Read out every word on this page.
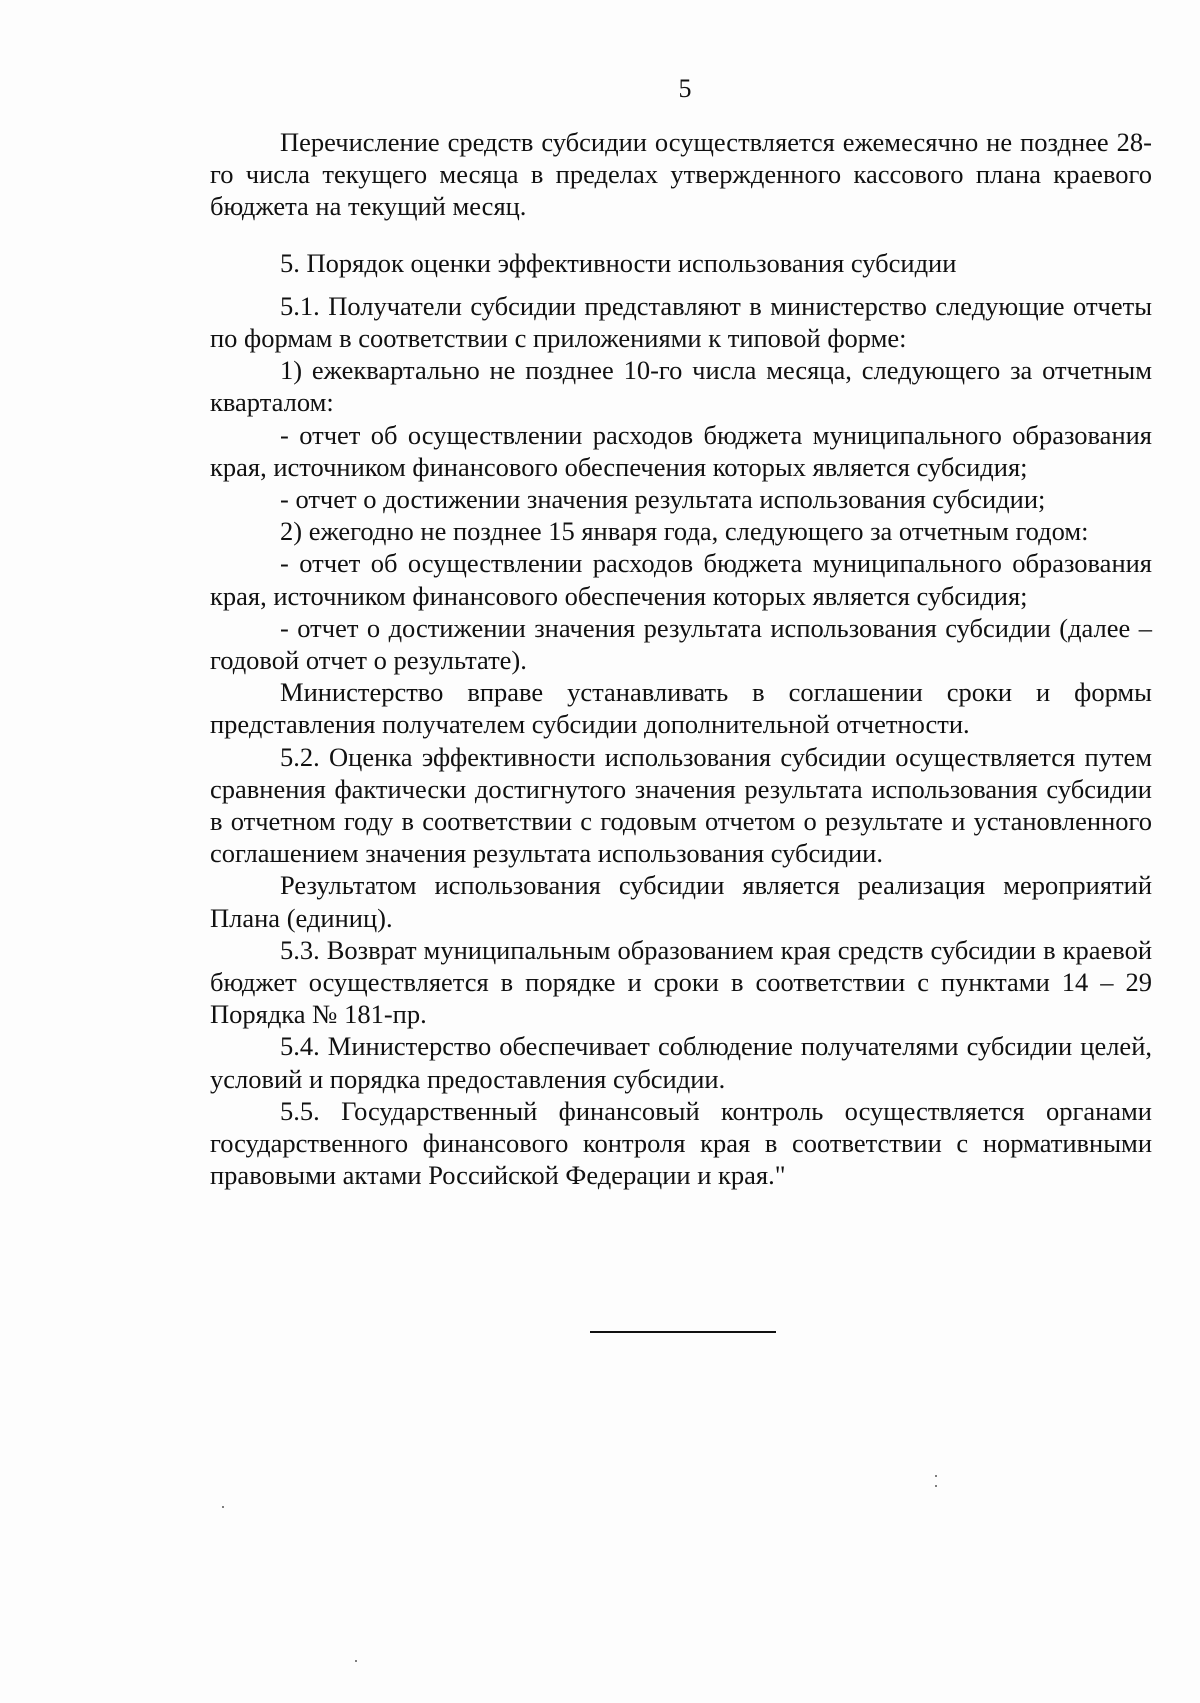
5

Перечисление средств субсидии осуществляется ежемесячно не позднее 28-го числа текущего месяца в пределах утвержденного кассового плана краевого бюджета на текущий месяц.

5. Порядок оценки эффективности использования субсидии

5.1. Получатели субсидии представляют в министерство следующие отчеты по формам в соответствии с приложениями к типовой форме:

1) ежеквартально не позднее 10-го числа месяца, следующего за отчетным кварталом:

- отчет об осуществлении расходов бюджета муниципального образования края, источником финансового обеспечения которых является субсидия;

- отчет о достижении значения результата использования субсидии;

2) ежегодно не позднее 15 января года, следующего за отчетным годом:

- отчет об осуществлении расходов бюджета муниципального образования края, источником финансового обеспечения которых является субсидия;

- отчет о достижении значения результата использования субсидии (далее – годовой отчет о результате).

Министерство вправе устанавливать в соглашении сроки и формы представления получателем субсидии дополнительной отчетности.

5.2. Оценка эффективности использования субсидии осуществляется путем сравнения фактически достигнутого значения результата использования субсидии в отчетном году в соответствии с годовым отчетом о результате и установленного соглашением значения результата использования субсидии.

Результатом использования субсидии является реализация мероприятий Плана (единиц).

5.3. Возврат муниципальным образованием края средств субсидии в краевой бюджет осуществляется в порядке и сроки в соответствии с пунктами 14 – 29 Порядка № 181-пр.

5.4. Министерство обеспечивает соблюдение получателями субсидии целей, условий и порядка предоставления субсидии.

5.5. Государственный финансовый контроль осуществляется органами государственного финансового контроля края в соответствии с нормативными правовыми актами Российской Федерации и края."
